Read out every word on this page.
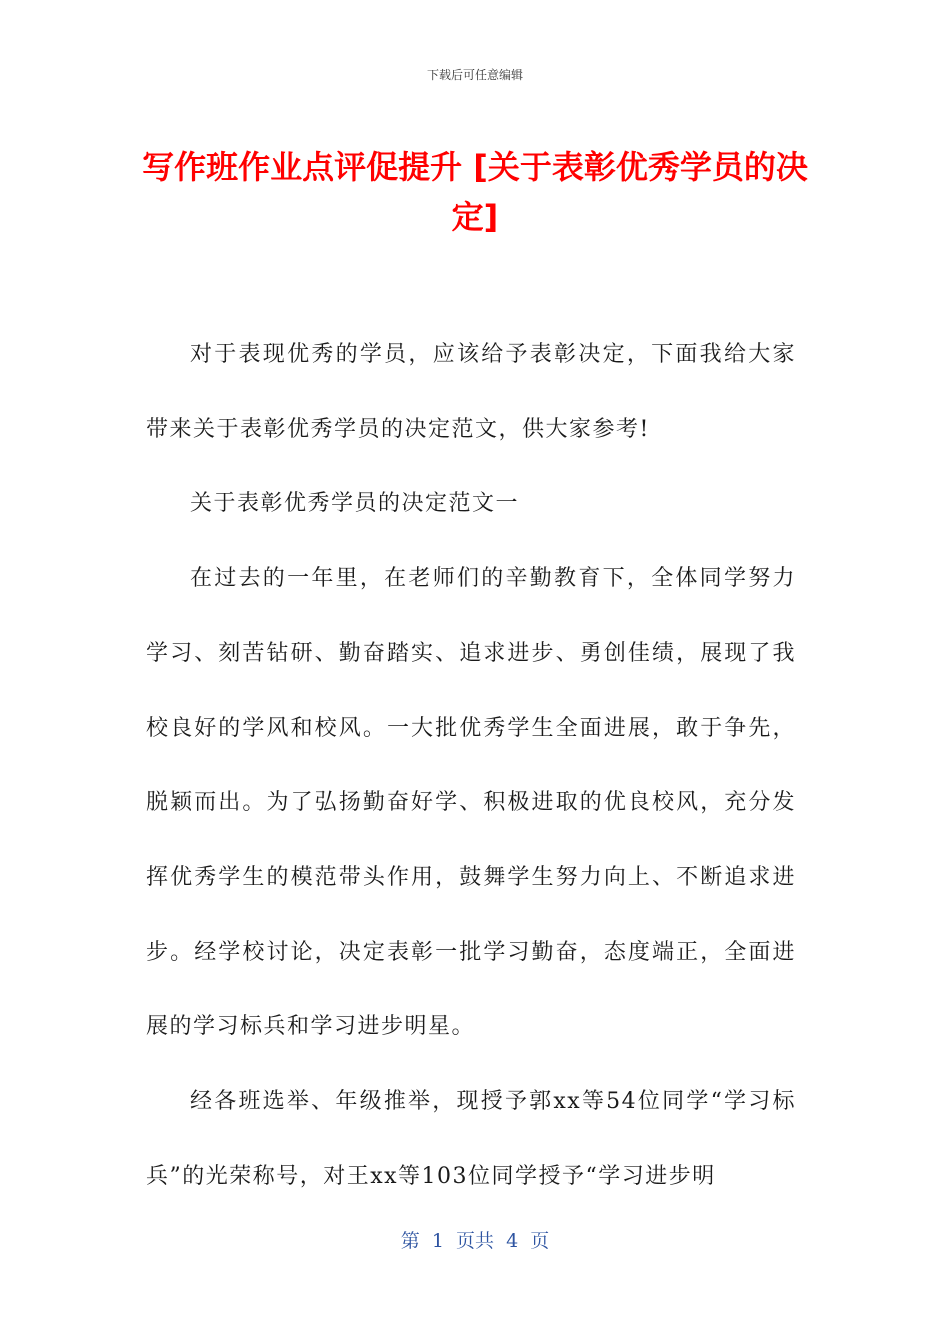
下载后可任意编辑
写作班作业点评促提升 [关于表彰优秀学员的决定]

对于表现优秀的学员，应该给予表彰决定，下面我给大家带来关于表彰优秀学员的决定范文，供大家参考!

关于表彰优秀学员的决定范文一

在过去的一年里，在老师们的辛勤教育下，全体同学努力学习、刻苦钻研、勤奋踏实、追求进步、勇创佳绩，展现了我校良好的学风和校风。一大批优秀学生全面进展，敢于争先，脱颖而出。为了弘扬勤奋好学、积极进取的优良校风，充分发挥优秀学生的模范带头作用，鼓舞学生努力向上、不断追求进步。经学校讨论，决定表彰一批学习勤奋，态度端正，全面进展的学习标兵和学习进步明星。

经各班选举、年级推举，现授予郭xx等54位同学“学习标兵”的光荣称号，对王xx等103位同学授予“学习进步明

第  1  页共  4  页
